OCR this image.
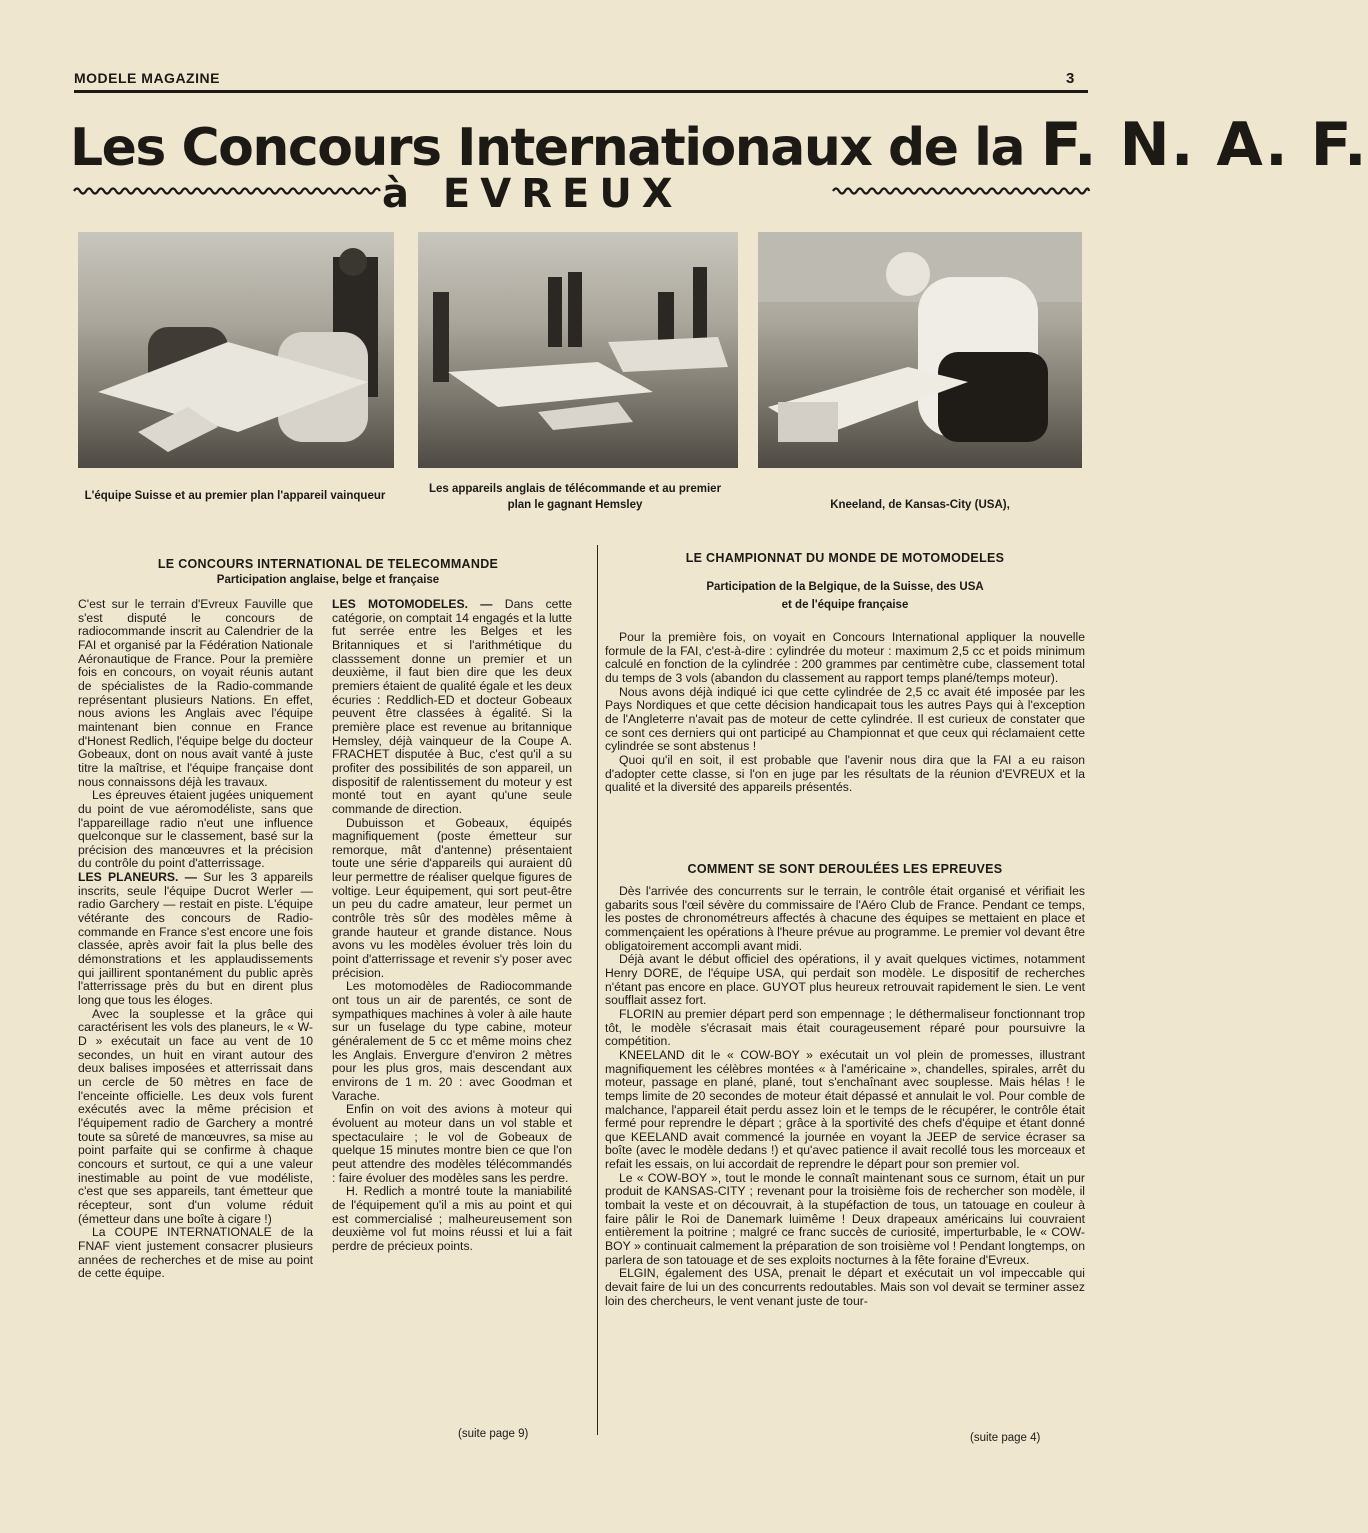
MODELE MAGAZINE	3
Les Concours Internationaux de la F. N. A. F.
à EVREUX
L'équipe Suisse et au premier plan l'appareil vainqueur
Les appareils anglais de télécommande et au premier plan le gagnant Hemsley	Kneeland, de Kansas-City (USA),
LE CONCOURS INTERNATIONAL DE TELECOMMANDE
Participation anglaise, belge et française

C'est sur le terrain d'Evreux Fauville que s'est disputé le concours de radiocommande inscrit au Calendrier de la FAI et organisé par la Fédération Nationale Aéronautique de France. Pour la première fois en concours, on voyait réunis autant de spécialistes de la Radio-commande représentant plusieurs Nations. En effet, nous avions les Anglais avec l'équipe maintenant bien connue en France d'Honest Redlich, l'équipe belge du docteur Gobeaux, dont on nous avait vanté à juste titre la maîtrise, et l'équipe française dont nous connaissons déjà les travaux.

Les épreuves étaient jugées uniquement du point de vue aéromodéliste, sans que l'appareillage radio n'eut une influence quelconque sur le classement, basé sur la précision des manœuvres et la précision du contrôle du point d'atterrissage.

LES PLANEURS. — Sur les 3 appareils inscrits, seule l'équipe Ducrot Werler — radio Garchery — restait en piste. L'équipe vétérante des concours de Radio-commande en France s'est encore une fois classée, après avoir fait la plus belle des démonstrations et les applaudissements qui jaillirent spontanément du public après l'atterrissage près du but en dirent plus long que tous les éloges.

Avec la souplesse et la grâce qui caractérisent les vols des planeurs, le « W-D » exécutait un face au vent de 10 secondes, un huit en virant autour des deux balises imposées et atterrissait dans un cercle de 50 mètres en face de l'enceinte officielle. Les deux vols furent exécutés avec la même précision et l'équipement radio de Garchery a montré toute sa sûreté de manœuvres, sa mise au point parfaite qui se confirme à chaque concours et surtout, ce qui a une valeur inestimable au point de vue modéliste, c'est que ses appareils, tant émetteur que récepteur, sont d'un volume réduit (émetteur dans une boîte à cigare !)

La COUPE INTERNATIONALE de la FNAF vient justement consacrer plusieurs années de recherches et de mise au point de cette équipe.

LES MOTOMODELES. — Dans cette catégorie, on comptait 14 engagés et la lutte fut serrée entre les Belges et les Britanniques et si l'arithmétique du classsement donne un premier et un deuxième, il faut bien dire que les deux premiers étaient de qualité égale et les deux écuries : Reddlich-ED et docteur Gobeaux peuvent être classées à égalité. Si la première place est revenue au britannique Hemsley, déjà vainqueur de la Coupe A. FRACHET disputée à Buc, c'est qu'il a su profiter des possibilités de son appareil, un dispositif de ralentissement du moteur y est monté tout en ayant qu'une seule commande de direction.

Dubuisson et Gobeaux, équipés magnifiquement (poste émetteur sur remorque, mât d'antenne) présentaient toute une série d'appareils qui auraient dû leur permettre de réaliser quelque figures de voltige. Leur équipement, qui sort peut-être un peu du cadre amateur, leur permet un contrôle très sûr des modèles même à grande hauteur et grande distance. Nous avons vu les modèles évoluer très loin du point d'atterrissage et revenir s'y poser avec précision.

Les motomodèles de Radiocommande ont tous un air de parentés, ce sont de sympathiques machines à voler à aile haute sur un fuselage du type cabine, moteur généralement de 5 cc et même moins chez les Anglais. Envergure d'environ 2 mètres pour les plus gros, mais descendant aux environs de 1 m. 20 : avec Goodman et Varache.

Enfin on voit des avions à moteur qui évoluent au moteur dans un vol stable et spectaculaire ; le vol de Gobeaux de quelque 15 minutes montre bien ce que l'on peut attendre des modèles télécommandés : faire évoluer des modèles sans les perdre.

H. Redlich a montré toute la maniabilité de l'équipement qu'il a mis au point et qui est commercialisé ; malheureusement son deuxième vol fut moins réussi et lui a fait perdre de précieux points.

(suite page 9)
LE CHAMPIONNAT DU MONDE DE MOTOMODELES
Participation de la Belgique, de la Suisse, des USA
et de l'équipe française

Pour la première fois, on voyait en Concours International appliquer la nouvelle formule de la FAI, c'est-à-dire : cylindrée du moteur : maximum 2,5 cc et poids minimum calculé en fonction de la cylindrée : 200 grammes par centimètre cube, classement total du temps de 3 vols (abandon du classement au rapport temps plané/temps moteur).

Nous avons déjà indiqué ici que cette cylindrée de 2,5 cc avait été imposée par les Pays Nordiques et que cette décision handicapait tous les autres Pays qui à l'exception de l'Angleterre n'avait pas de moteur de cette cylindrée. Il est curieux de constater que ce sont ces derniers qui ont participé au Championnat et que ceux qui réclamaient cette cylindrée se sont abstenus !

Quoi qu'il en soit, il est probable que l'avenir nous dira que la FAI a eu raison d'adopter cette classe, si l'on en juge par les résultats de la réunion d'EVREUX et la qualité et la diversité des appareils présentés.

COMMENT SE SONT DEROULÉES LES EPREUVES

Dès l'arrivée des concurrents sur le terrain, le contrôle était organisé et vérifiait les gabarits sous l'œil sévère du commissaire de l'Aéro Club de France. Pendant ce temps, les postes de chronométreurs affectés à chacune des équipes se mettaient en place et commençaient les opérations à l'heure prévue au programme. Le premier vol devant être obligatoirement accompli avant midi.

Déjà avant le début officiel des opérations, il y avait quelques victimes, notamment Henry DORE, de l'équipe USA, qui perdait son modèle. Le dispositif de recherches n'étant pas encore en place. GUYOT plus heureux retrouvait rapidement le sien. Le vent soufflait assez fort.

FLORIN au premier départ perd son empennage ; le déthermaliseur fonctionnant trop tôt, le modèle s'écrasait mais était courageusement réparé pour poursuivre la compétition.

KNEELAND dit le « COW-BOY » exécutait un vol plein de promesses, illustrant magnifiquement les célèbres montées « à l'américaine », chandelles, spirales, arrêt du moteur, passage en plané, plané, tout s'enchaînant avec souplesse. Mais hélas ! le temps limite de 20 secondes de moteur était dépassé et annulait le vol. Pour comble de malchance, l'appareil était perdu assez loin et le temps de le récupérer, le contrôle était fermé pour reprendre le départ ; grâce à la sportivité des chefs d'équipe et étant donné que KEELAND avait commencé la journée en voyant la JEEP de service écraser sa boîte (avec le modèle dedans !) et qu'avec patience il avait recollé tous les morceaux et refait les essais, on lui accordait de reprendre le départ pour son premier vol.

Le « COW-BOY », tout le monde le connaît maintenant sous ce surnom, était un pur produit de KANSAS-CITY ; revenant pour la troisième fois de rechercher son modèle, il tombait la veste et on découvrait, à la stupéfaction de tous, un tatouage en couleur à faire pâlir le Roi de Danemark luimême ! Deux drapeaux américains lui couvraient entièrement la poitrine ; malgré ce franc succès de curiosité, imperturbable, le « COW-BOY » continuait calmement la préparation de son troisième vol ! Pendant longtemps, on parlera de son tatouage et de ses exploits nocturnes à la fête foraine d'Evreux.

ELGIN, également des USA, prenait le départ et exécutait un vol impeccable qui devait faire de lui un des concurrents redoutables. Mais son vol devait se terminer assez loin des chercheurs, le vent venant juste de tour-

(suite page 4)
